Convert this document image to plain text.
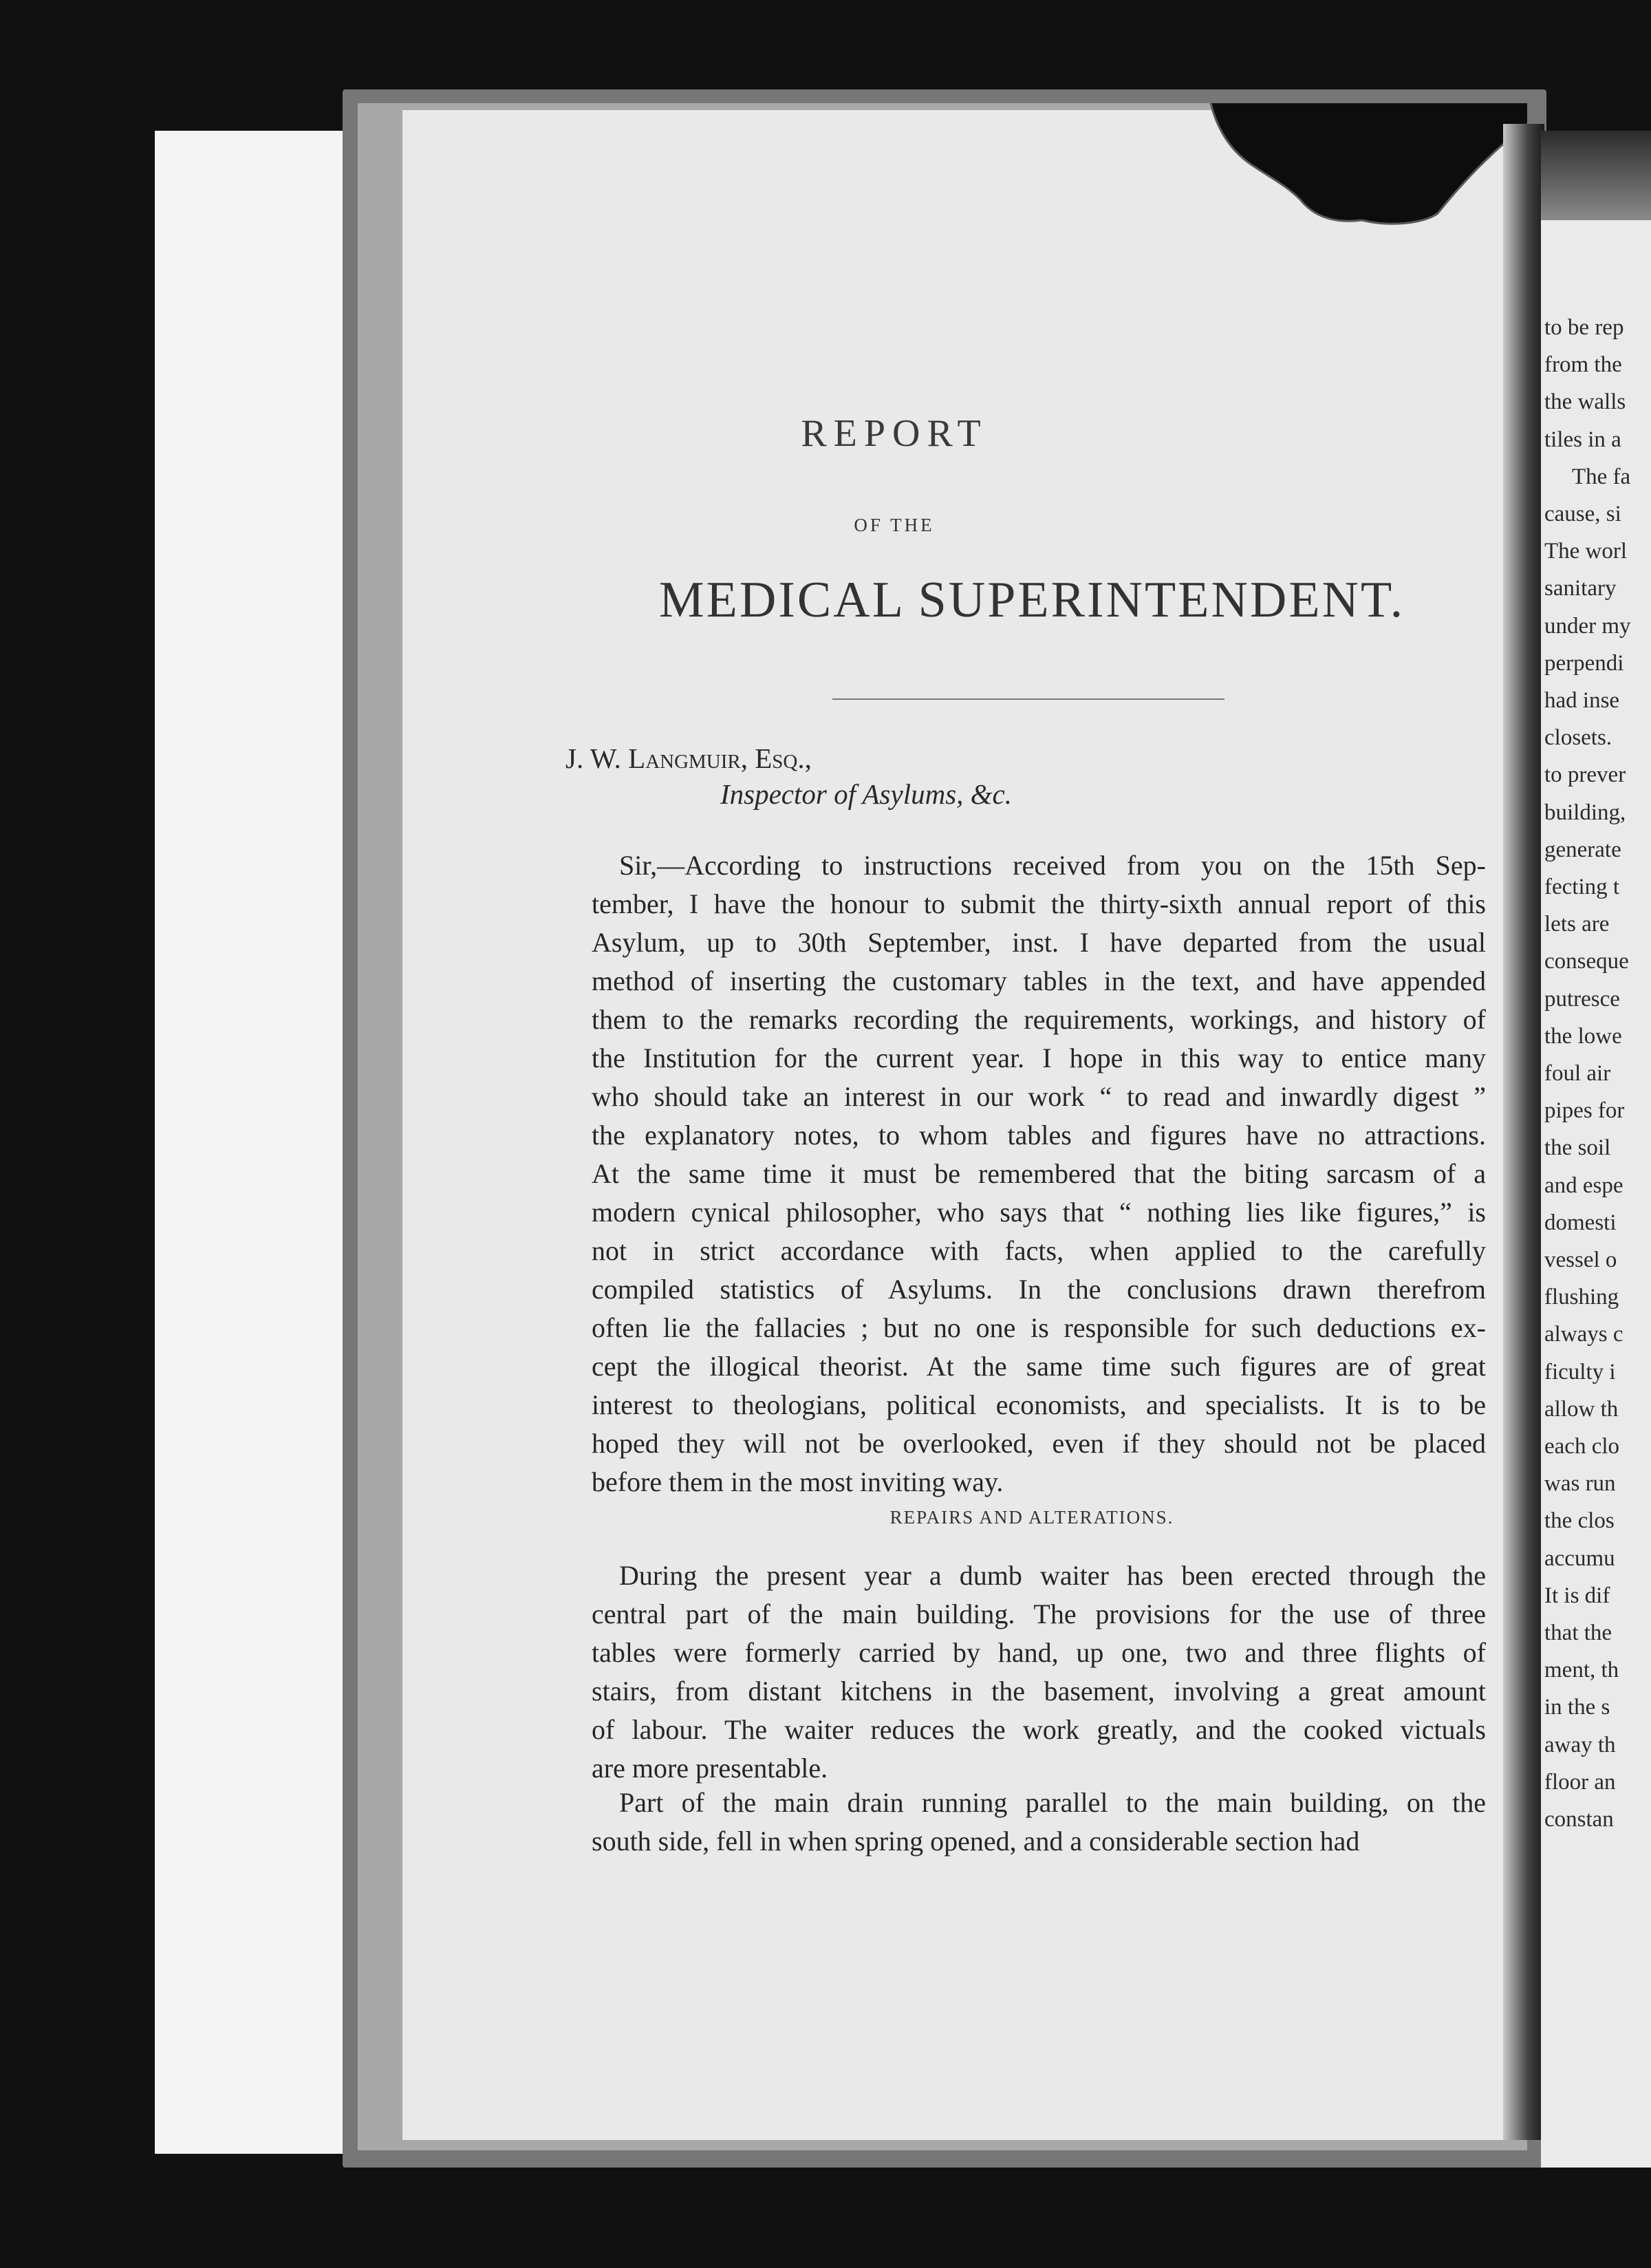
to be rep
from the
the walls
tiles in a
The fa
cause, si
The worl
sanitary
under my
perpendi
had inse
closets.
to prever
building,
generate
fecting t
lets are
conseque
putresce
the lowe
foul air
pipes for
the soil
and espe
domesti
vessel o
flushing
always c
ficulty i
allow th
each clo
was run
the clos
accumu
It is dif
that the
ment, th
in the s
away th
floor an
constan
REPORT
OF THE
MEDICAL SUPERINTENDENT.
J. W. Langmuir, Esq.,
Inspector of Asylums, &c.
Sir,—According to instructions received from you on the 15th Sep-
tember, I have the honour to submit the thirty-sixth annual report of this
Asylum, up to 30th September, inst. I have departed from the usual
method of inserting the customary tables in the text, and have appended
them to the remarks recording the requirements, workings, and history of
the Institution for the current year. I hope in this way to entice many
who should take an interest in our work “ to read and inwardly digest ”
the explanatory notes, to whom tables and figures have no attractions.
At the same time it must be remembered that the biting sarcasm of a
modern cynical philosopher, who says that “ nothing lies like figures,” is
not in strict accordance with facts, when applied to the carefully
compiled statistics of Asylums. In the conclusions drawn therefrom
often lie the fallacies ; but no one is responsible for such deductions ex-
cept the illogical theorist. At the same time such figures are of great
interest to theologians, political economists, and specialists. It is to be
hoped they will not be overlooked, even if they should not be placed
before them in the most inviting way.
REPAIRS AND ALTERATIONS.
During the present year a dumb waiter has been erected through the
central part of the main building. The provisions for the use of three
tables were formerly carried by hand, up one, two and three flights of
stairs, from distant kitchens in the basement, involving a great amount
of labour. The waiter reduces the work greatly, and the cooked victuals
are more presentable.
Part of the main drain running parallel to the main building, on the
south side, fell in when spring opened, and a considerable section had
